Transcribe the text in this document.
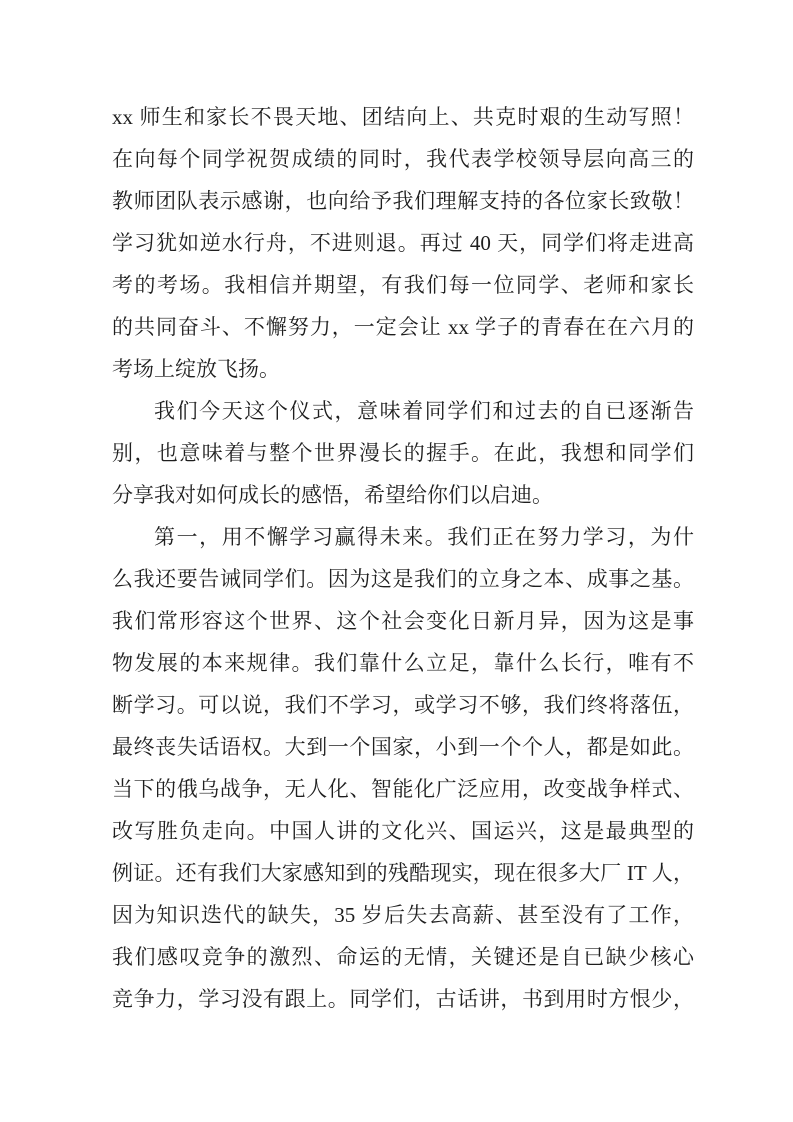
xx 师生和家长不畏天地、团结向上、共克时艰的生动写照！
在向每个同学祝贺成绩的同时，我代表学校领导层向高三的
教师团队表示感谢，也向给予我们理解支持的各位家长致敬！
学习犹如逆水行舟，不进则退。再过 40 天，同学们将走进高
考的考场。我相信并期望，有我们每一位同学、老师和家长
的共同奋斗、不懈努力，一定会让 xx 学子的青春在在六月的
考场上绽放飞扬。
我们今天这个仪式，意味着同学们和过去的自已逐渐告
别，也意味着与整个世界漫长的握手。在此，我想和同学们
分享我对如何成长的感悟，希望给你们以启迪。
第一，用不懈学习赢得未来。我们正在努力学习，为什
么我还要告诫同学们。因为这是我们的立身之本、成事之基。
我们常形容这个世界、这个社会变化日新月异，因为这是事
物发展的本来规律。我们靠什么立足，靠什么长行，唯有不
断学习。可以说，我们不学习，或学习不够，我们终将落伍，
最终丧失话语权。大到一个国家，小到一个个人，都是如此。
当下的俄乌战争，无人化、智能化广泛应用，改变战争样式、
改写胜负走向。中国人讲的文化兴、国运兴，这是最典型的
例证。还有我们大家感知到的残酷现实，现在很多大厂 IT 人，
因为知识迭代的缺失，35 岁后失去高薪、甚至没有了工作，
我们感叹竞争的激烈、命运的无情，关键还是自已缺少核心
竞争力，学习没有跟上。同学们，古话讲，书到用时方恨少，
